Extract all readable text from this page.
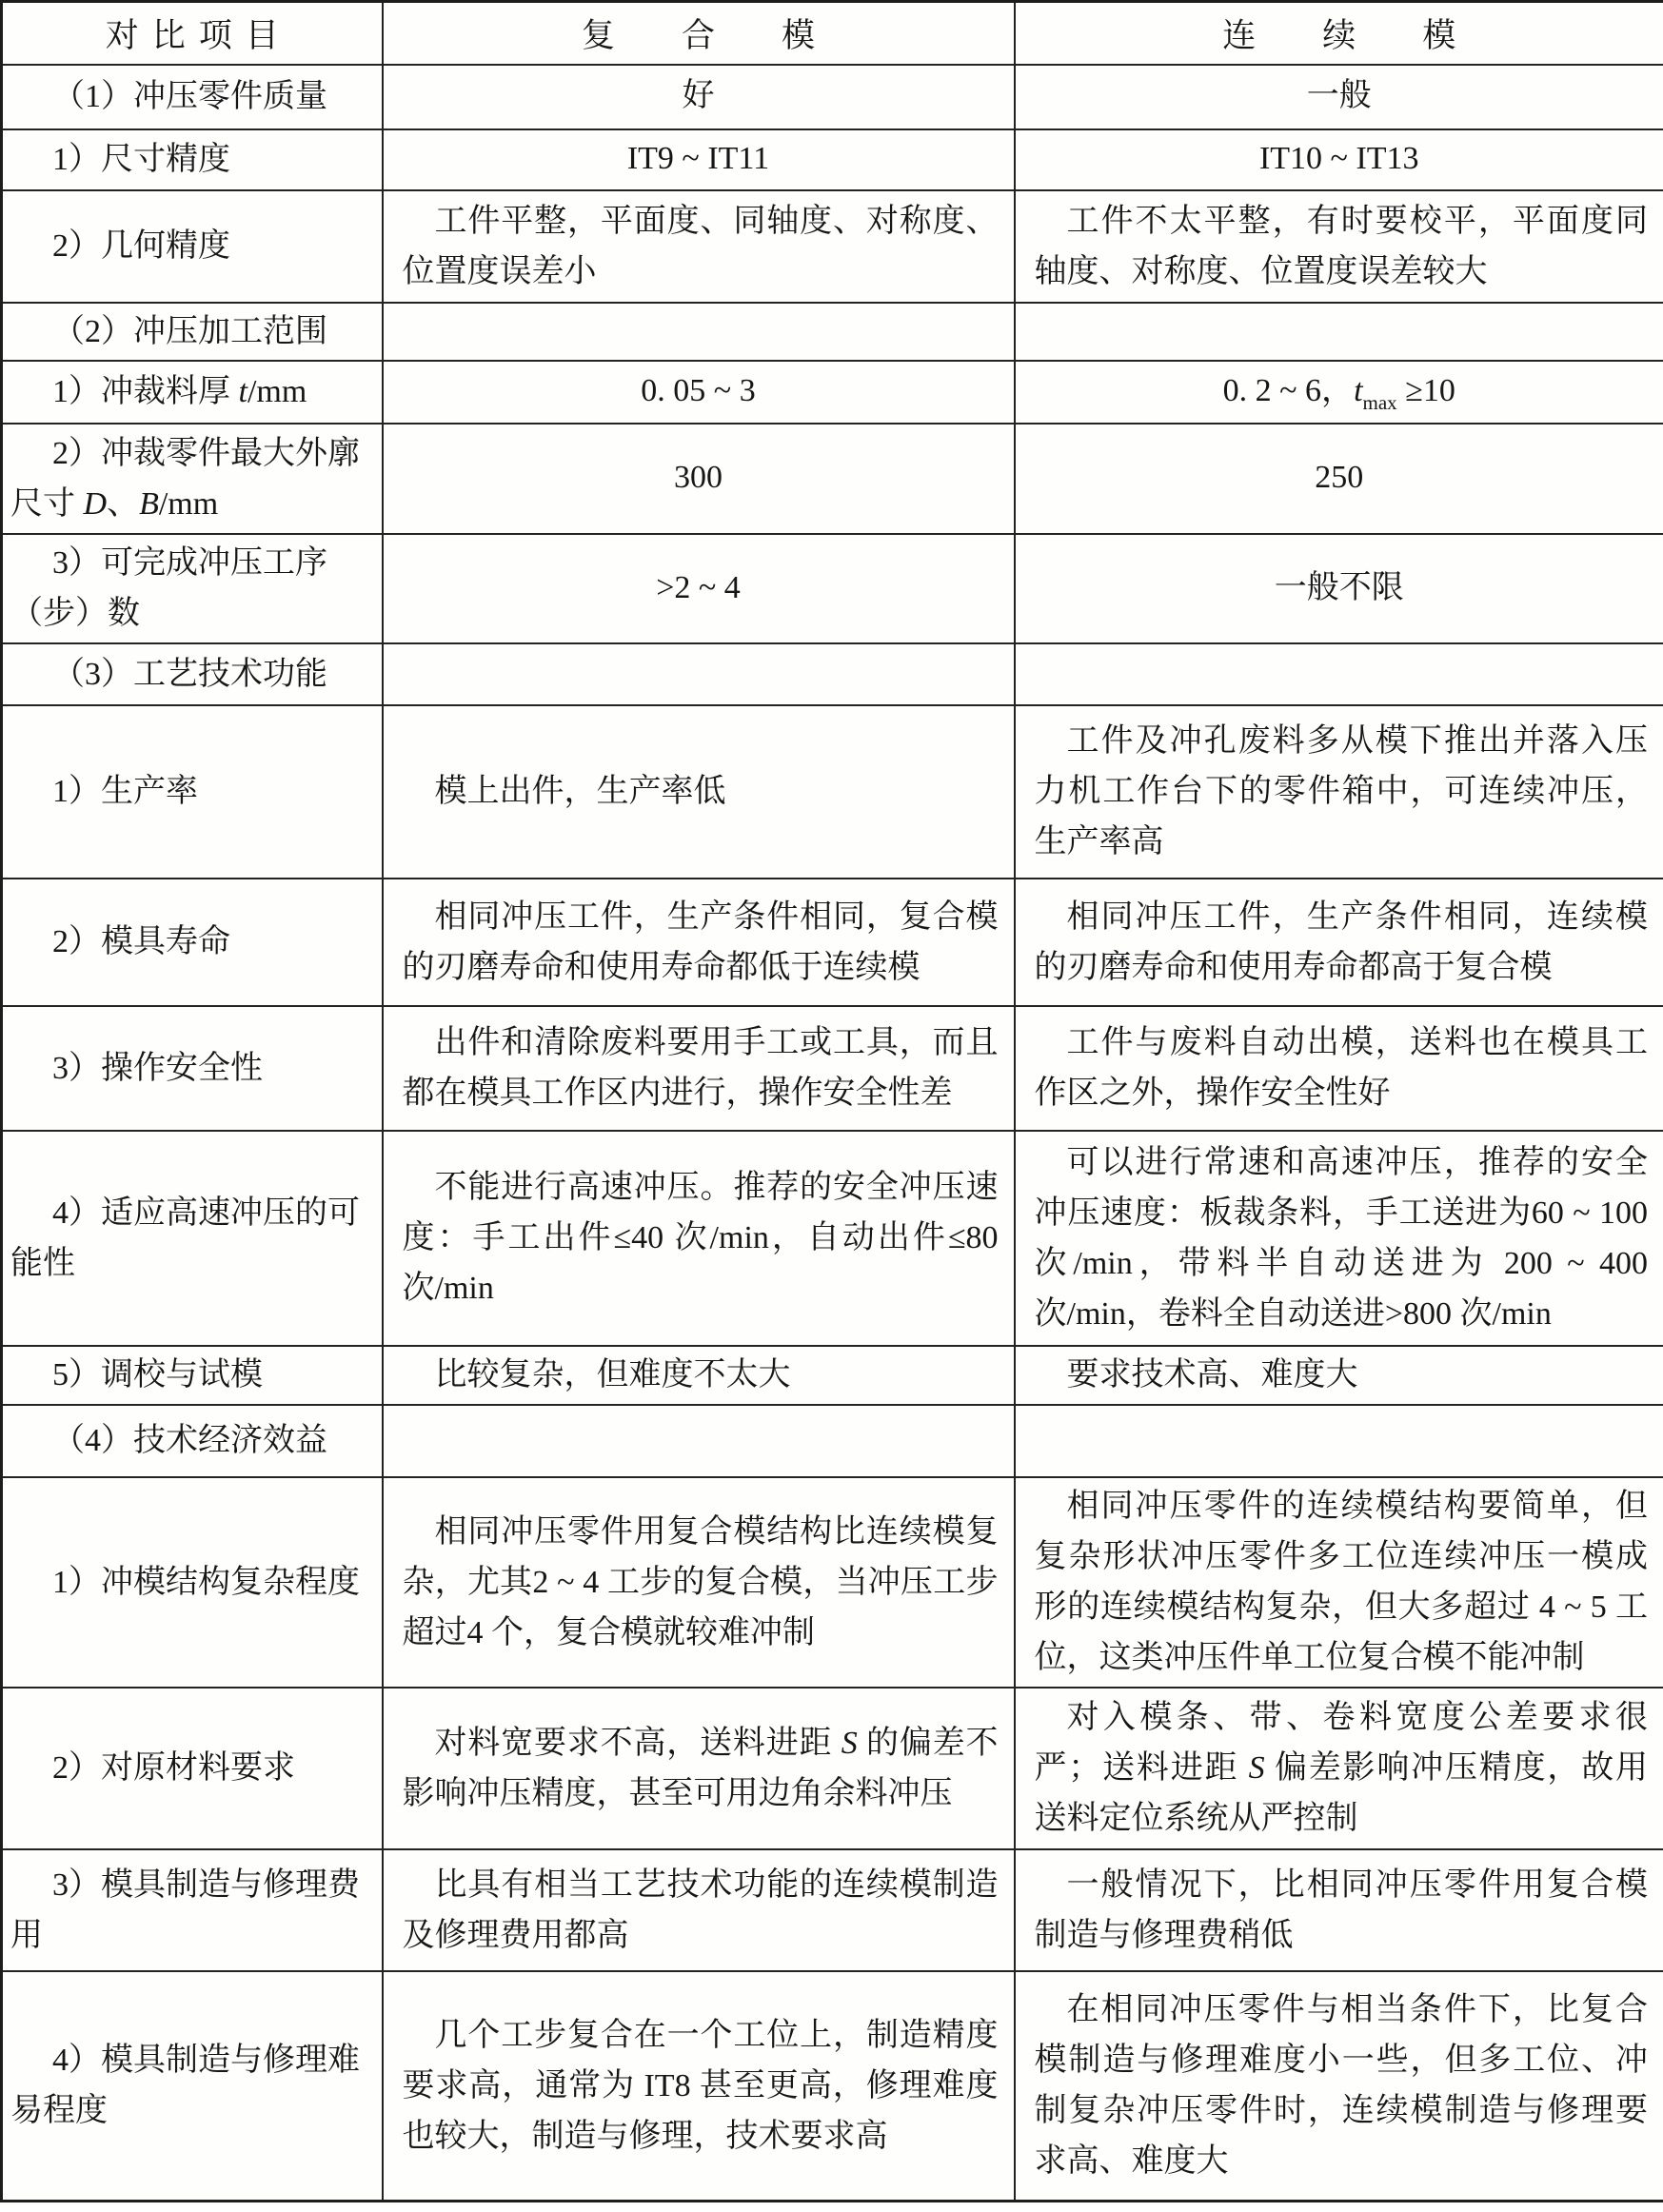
对比项目	复合模	连续模

（1）冲压零件质量	好	一般

1）尺寸精度	IT9 ~ IT11	IT10 ~ IT13

2）几何精度	工件平整，平面度、同轴度、对称度、位置度误差小	工件不太平整，有时要校平，平面度同轴度、对称度、位置度误差较大

（2）冲压加工范围		

1）冲裁料厚 t/mm	0. 05 ~ 3	0. 2 ~ 6，$t_{max} \ge 10$

2）冲裁零件最大外廓尺寸 D、B/mm	300	250

3）可完成冲压工序（步）数	>2 ~ 4	一般不限

（3）工艺技术功能		

1）生产率	模上出件，生产率低	工件及冲孔废料多从模下推出并落入压力机工作台下的零件箱中，可连续冲压，生产率高

2）模具寿命	相同冲压工件，生产条件相同，复合模的刃磨寿命和使用寿命都低于连续模	相同冲压工件，生产条件相同，连续模的刃磨寿命和使用寿命都高于复合模

3）操作安全性	出件和清除废料要用手工或工具，而且都在模具工作区内进行，操作安全性差	工件与废料自动出模，送料也在模具工作区之外，操作安全性好

4）适应高速冲压的可能性	不能进行高速冲压。推荐的安全冲压速度：手工出件≤40 次/min，自动出件≤80 次/min	可以进行常速和高速冲压，推荐的安全冲压速度：板裁条料，手工送进为60 ~ 100 次/min，带料半自动送进为 200 ~ 400 次/min，卷料全自动送进>800 次/min

5）调校与试模	比较复杂，但难度不太大	要求技术高、难度大

（4）技术经济效益		

1）冲模结构复杂程度	相同冲压零件用复合模结构比连续模复杂，尤其2 ~ 4 工步的复合模，当冲压工步超过4 个，复合模就较难冲制	相同冲压零件的连续模结构要简单，但复杂形状冲压零件多工位连续冲压一模成形的连续模结构复杂，但大多超过 4 ~ 5 工位，这类冲压件单工位复合模不能冲制

2）对原材料要求	对料宽要求不高，送料进距 S 的偏差不影响冲压精度，甚至可用边角余料冲压	对入模条、带、卷料宽度公差要求很严；送料进距 S 偏差影响冲压精度，故用送料定位系统从严控制

3）模具制造与修理费用	比具有相当工艺技术功能的连续模制造及修理费用都高	一般情况下，比相同冲压零件用复合模制造与修理费稍低

4）模具制造与修理难易程度	几个工步复合在一个工位上，制造精度要求高，通常为 IT8 甚至更高，修理难度也较大，制造与修理，技术要求高	在相同冲压零件与相当条件下，比复合模制造与修理难度小一些，但多工位、冲制复杂冲压零件时，连续模制造与修理要求高、难度大
